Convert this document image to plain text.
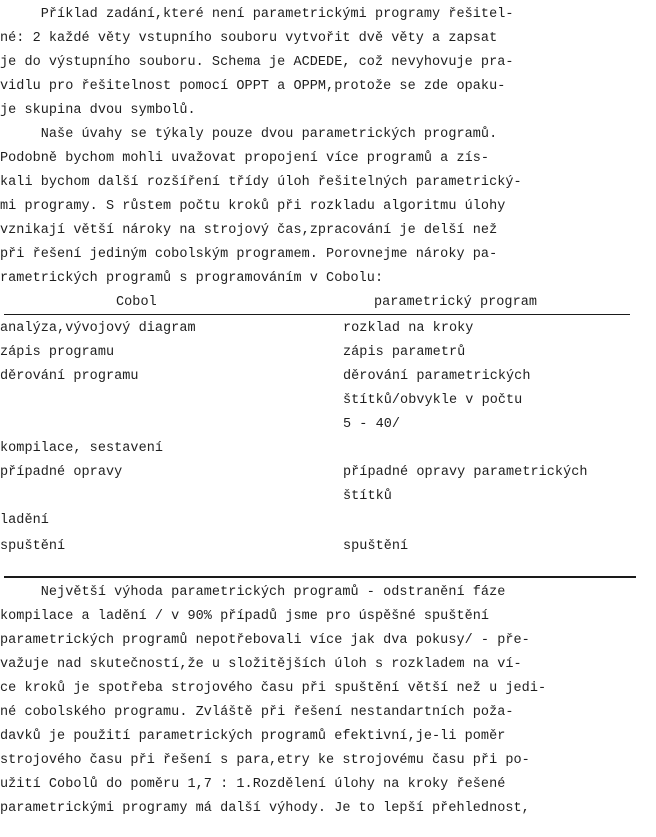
Příklad zadání,které není parametrickými programy řešitel-
né: 2 každé věty vstupního souboru vytvořit dvě věty a zapsat
je do výstupního souboru. Schema je ACDEDE, což nevyhovuje pra-
vidlu pro řešitelnost pomocí OPPT a OPPM,protože se zde opaku-
je skupina dvou symbolů.
Naše úvahy se týkaly pouze dvou parametrických programů.
Podobně bychom mohli uvažovat propojení více programů a zís-
kali bychom další rozšíření třídy úloh řešitelných parametrický-
mi programy. S růstem počtu kroků při rozkladu algoritmu úlohy
vznikají větší nároky na strojový čas,zpracování je delší než
při řešení jediným cobolským programem. Porovnejme nároky pa-
rametrických programů s programováním v Cobolu:
Cobol	parametrický program
analýza,vývojový diagram
zápis programu
děrování programu
kompilace, sestavení
případné opravy
ladění
spuštění
rozklad na kroky
zápis parametrů
děrování parametrických
štítků/obvykle v počtu
5 - 40/
případné opravy parametrických
štítků
spuštění
Největší výhoda parametrických programů - odstranění fáze
kompilace a ladění / v 90% případů jsme pro úspěšné spuštění
parametrických programů nepotřebovali více jak dva pokusy/ - pře-
važuje nad skutečností,že u složitějších úloh s rozkladem na ví-
ce kroků je spotřeba strojového času při spuštění větší než u jedi-
né cobolského programu. Zvláště při řešení nestandartních poža-
davků je použití parametrických programů efektivní,je-li poměr
strojového času při řešení s para,etry ke strojovému času při po-
užití Cobolů do poměru 1,7 : 1.Rozdělení úlohy na kroky řešené
parametrickými programy má další výhody. Je to lepší přehlednost,
